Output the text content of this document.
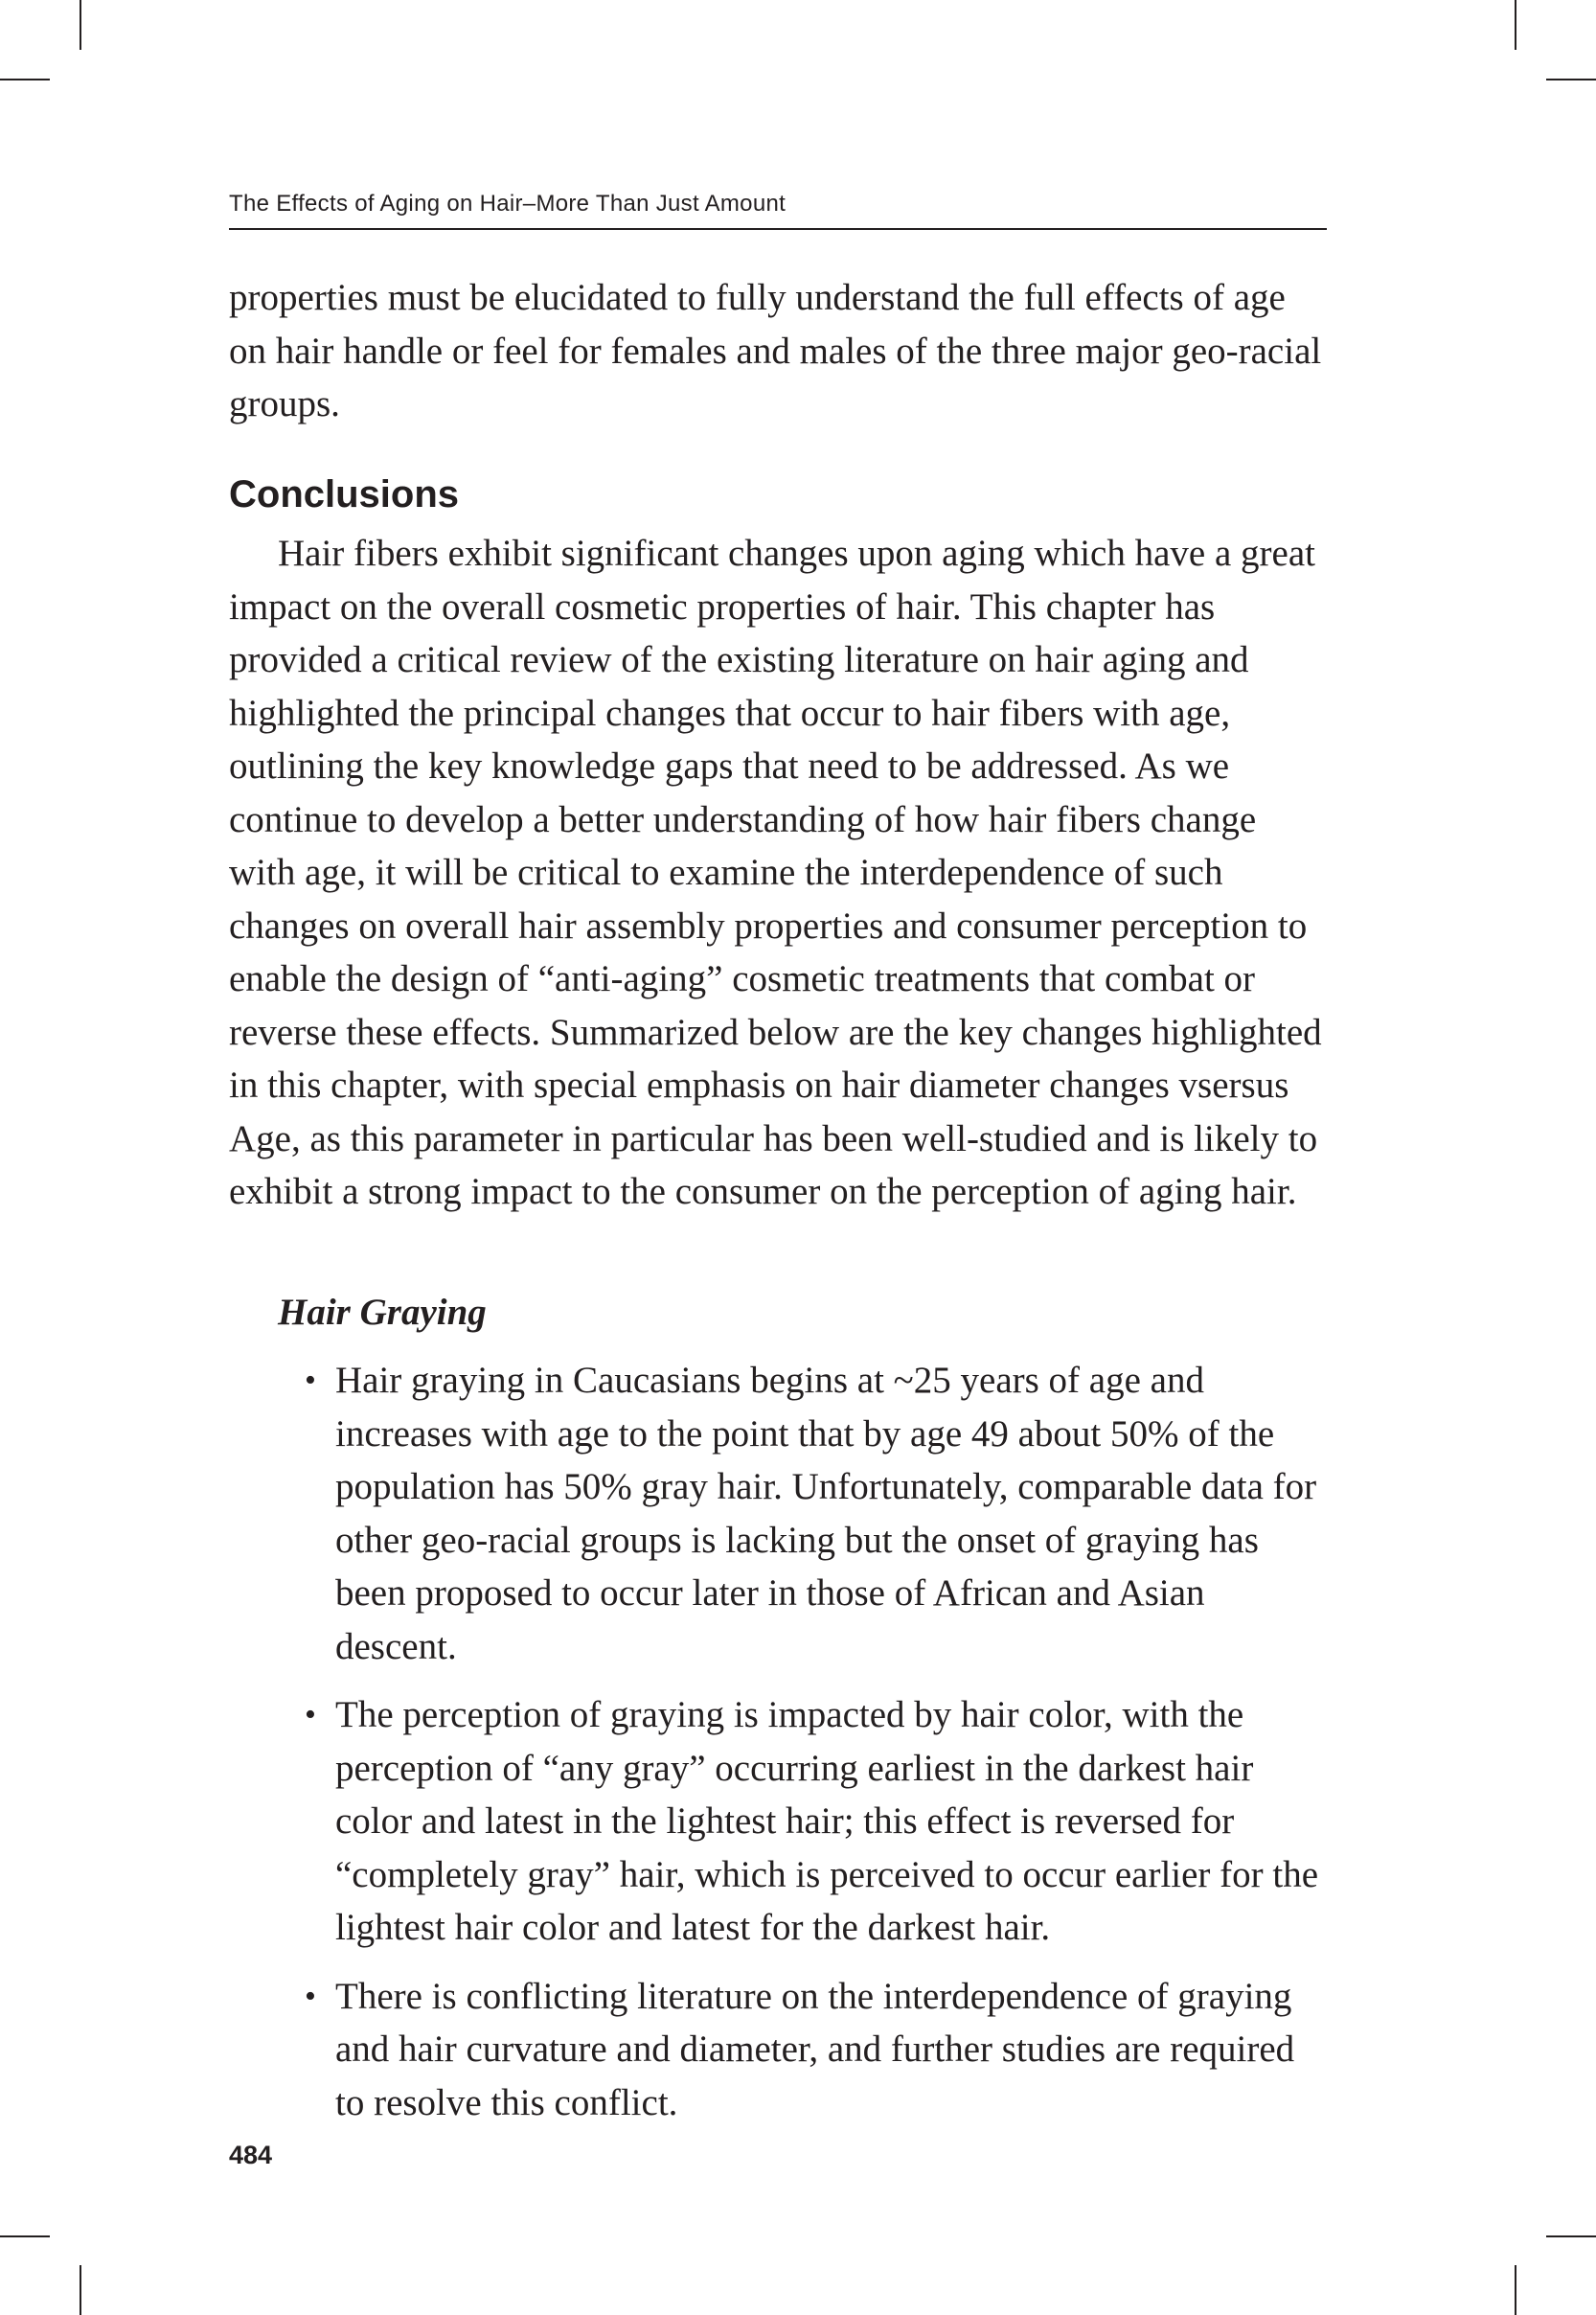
The Effects of Aging on Hair–More Than Just Amount

properties must be elucidated to fully understand the full effects of age on hair handle or feel for females and males of the three major geo-racial groups.

Conclusions

Hair fibers exhibit significant changes upon aging which have a great impact on the overall cosmetic properties of hair. This chapter has provided a critical review of the existing literature on hair aging and highlighted the principal changes that occur to hair fibers with age, outlining the key knowledge gaps that need to be addressed. As we continue to develop a better understanding of how hair fibers change with age, it will be critical to examine the interdependence of such changes on overall hair assembly properties and consumer perception to enable the design of “anti-aging” cosmetic treatments that combat or reverse these effects. Summarized below are the key changes highlighted in this chapter, with special emphasis on hair diameter changes vsersus Age, as this parameter in particular has been well-studied and is likely to exhibit a strong impact to the consumer on the perception of aging hair.

Hair Graying
• Hair graying in Caucasians begins at ~25 years of age and increases with age to the point that by age 49 about 50% of the population has 50% gray hair. Unfortunately, comparable data for other geo-racial groups is lacking but the onset of graying has been proposed to occur later in those of African and Asian descent.
• The perception of graying is impacted by hair color, with the perception of “any gray” occurring earliest in the darkest hair color and latest in the lightest hair; this effect is reversed for “completely gray” hair, which is perceived to occur earlier for the lightest hair color and latest for the darkest hair.
• There is conflicting literature on the interdependence of graying and hair curvature and diameter, and further studies are required to resolve this conflict.
484
